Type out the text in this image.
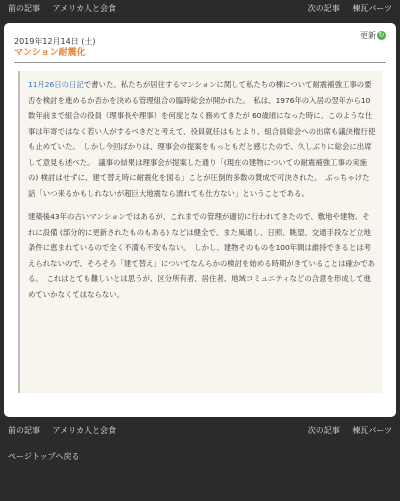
前の記事 アメリカ人と会食	次の記事 棟瓦パーツ
2019年12月14日 (土)
更新 ↻
マンション耐震化

11月26日の日記で書いた、私たちが居住するマンションに関して私たちの棟について耐震補強工事の要否を検討を進めるか否かを決める管理組合の臨時総会が開かれた。　私は、1976年の入居の翌年から10数年前まで組合の役員（理事長や理事）を何度となく務めてきたが 60歳頃になった時に、このような仕事は年寄ではなく若い人がするべきだと考えて、役員就任はもとより、組合員総会への出席も議決権行使も止めていた。　しかし今回ばかりは、理事会の提案をもっともだと感じたので、久しぶりに総会に出席して意見も述べた。　議事の結果は理事会が提案した通り「(現在の建物についての耐震補強工事の実施の) 検討はせずに、建て替え時に耐震化を図る」ことが圧倒的多数の賛成で可決された。　ぶっちゃけた話「いつ来るかもしれないが超巨大地震なら潰れても仕方ない」ということである。

建築後43年の古いマンションではあるが、これまでの管理が適切に行われてきたので、敷地や建物、それに設備 (部分的に更新されたものもある) などは健全で、また風通し、日照、眺望、交通手段など立地条件に恵まれているので全く不満も不安もない。　しかし、建物そのものを100年間は維持できるとは考えられないので、そろそろ「建て替え」についてなんらかの検討を始める時期がきていることは確かである。　これはとても難しいとは思うが、区分所有者、居住者、地域コミュニティなどの合意を形成して進めていかなくてはならない。

前の記事 アメリカ人と会食	次の記事 棟瓦パーツ
ページトップへ戻る
